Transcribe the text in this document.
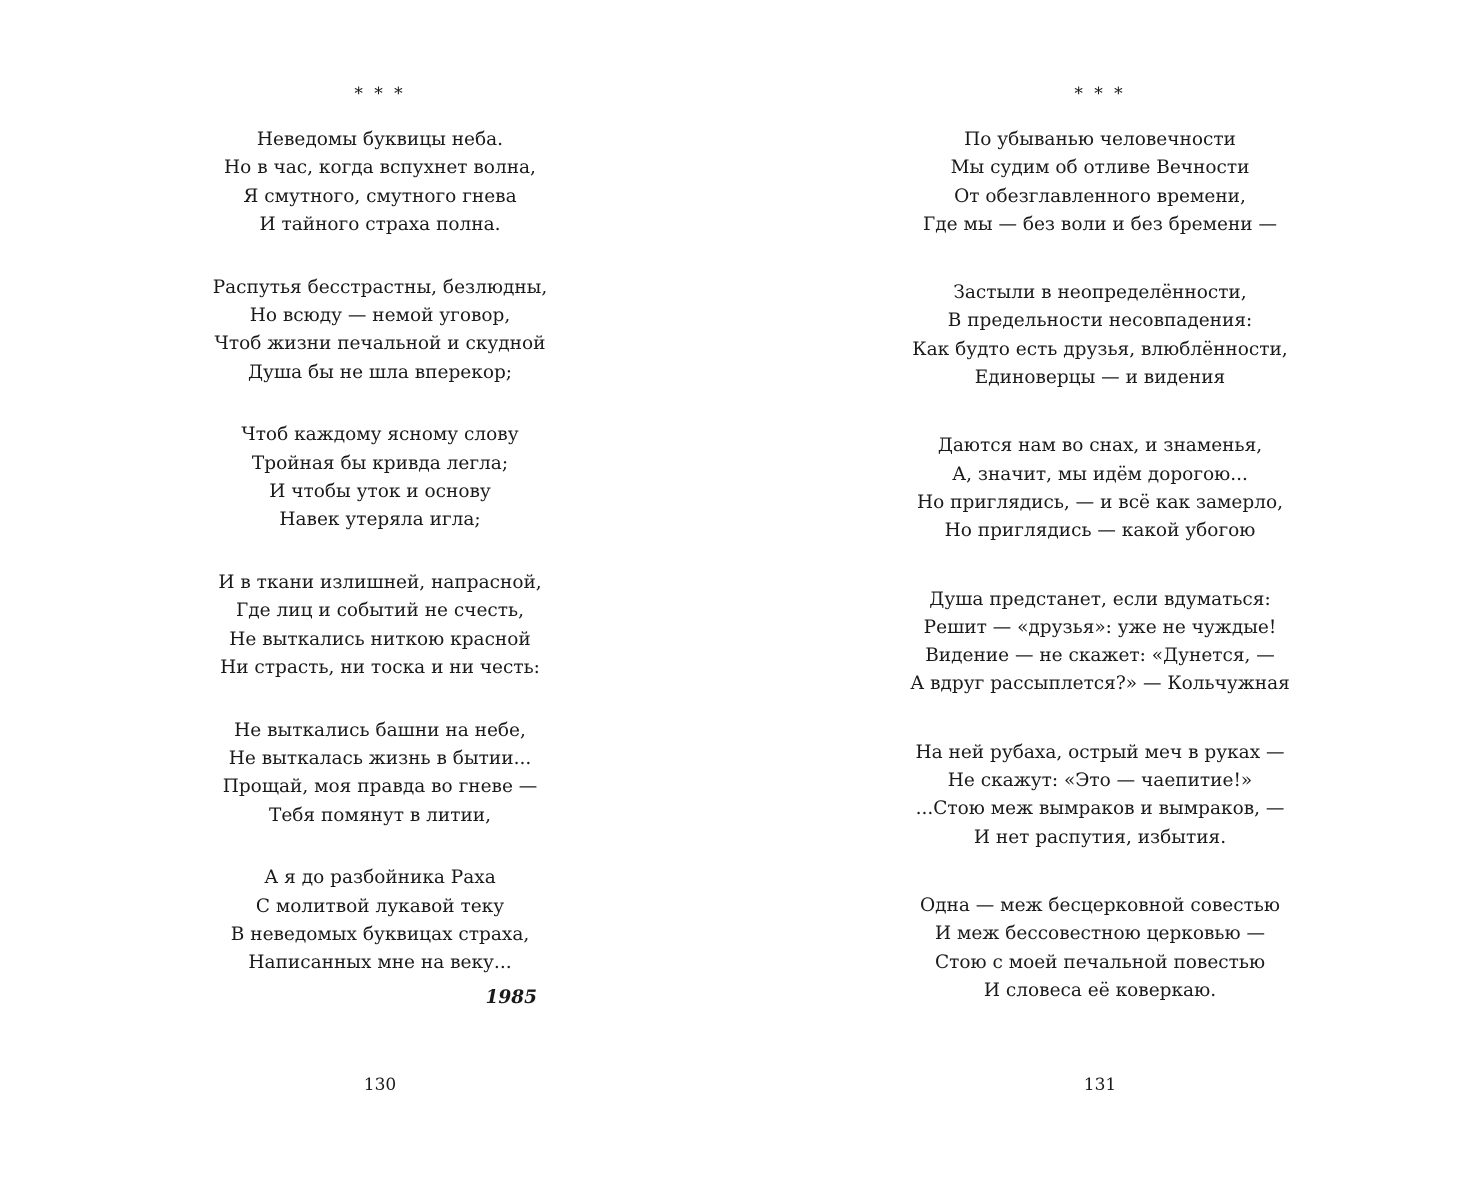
* * *

Неведомы буквицы неба.
Но в час, когда вспухнет волна,
Я смутного, смутного гнева
И тайного страха полна.

Распутья бесстрастны, безлюдны,
Но всюду — немой уговор,
Чтоб жизни печальной и скудной
Душа бы не шла вперекор;

Чтоб каждому ясному слову
Тройная бы кривда легла;
И чтобы уток и основу
Навек утеряла игла;

И в ткани излишней, напрасной,
Где лиц и событий не счесть,
Не выткались ниткою красной
Ни страсть, ни тоска и ни честь:

Не выткались башни на небе,
Не выткалась жизнь в бытии...
Прощай, моя правда во гневе —
Тебя помянут в литии,

А я до разбойника Раха
С молитвой лукавой теку
В неведомых буквицах страха,
Написанных мне на веку...

1985
130
* * *

По убыванью человечности
Мы судим об отливе Вечности
От обезглавленного времени,
Где мы — без воли и без бремени —

Застыли в неопределённости,
В предельности несовпадения:
Как будто есть друзья, влюблённости,
Единоверцы — и видения

Даются нам во снах, и знаменья,
А, значит, мы идём дорогою...
Но приглядись, — и всё как замерло,
Но приглядись — какой убогою

Душа предстанет, если вдуматься:
Решит — «друзья»: уже не чуждые!
Видение — не скажет: «Дунется, —
А вдруг рассыплется?» — Кольчужная

На ней рубаха, острый меч в руках —
Не скажут: «Это — чаепитие!»
...Стою меж вымраков и вымраков, —
И нет распутия, избытия.

Одна — меж бесцерковной совестью
И меж бессовестною церковью —
Стою с моей печальной повестью
И словеса её коверкаю.

131
